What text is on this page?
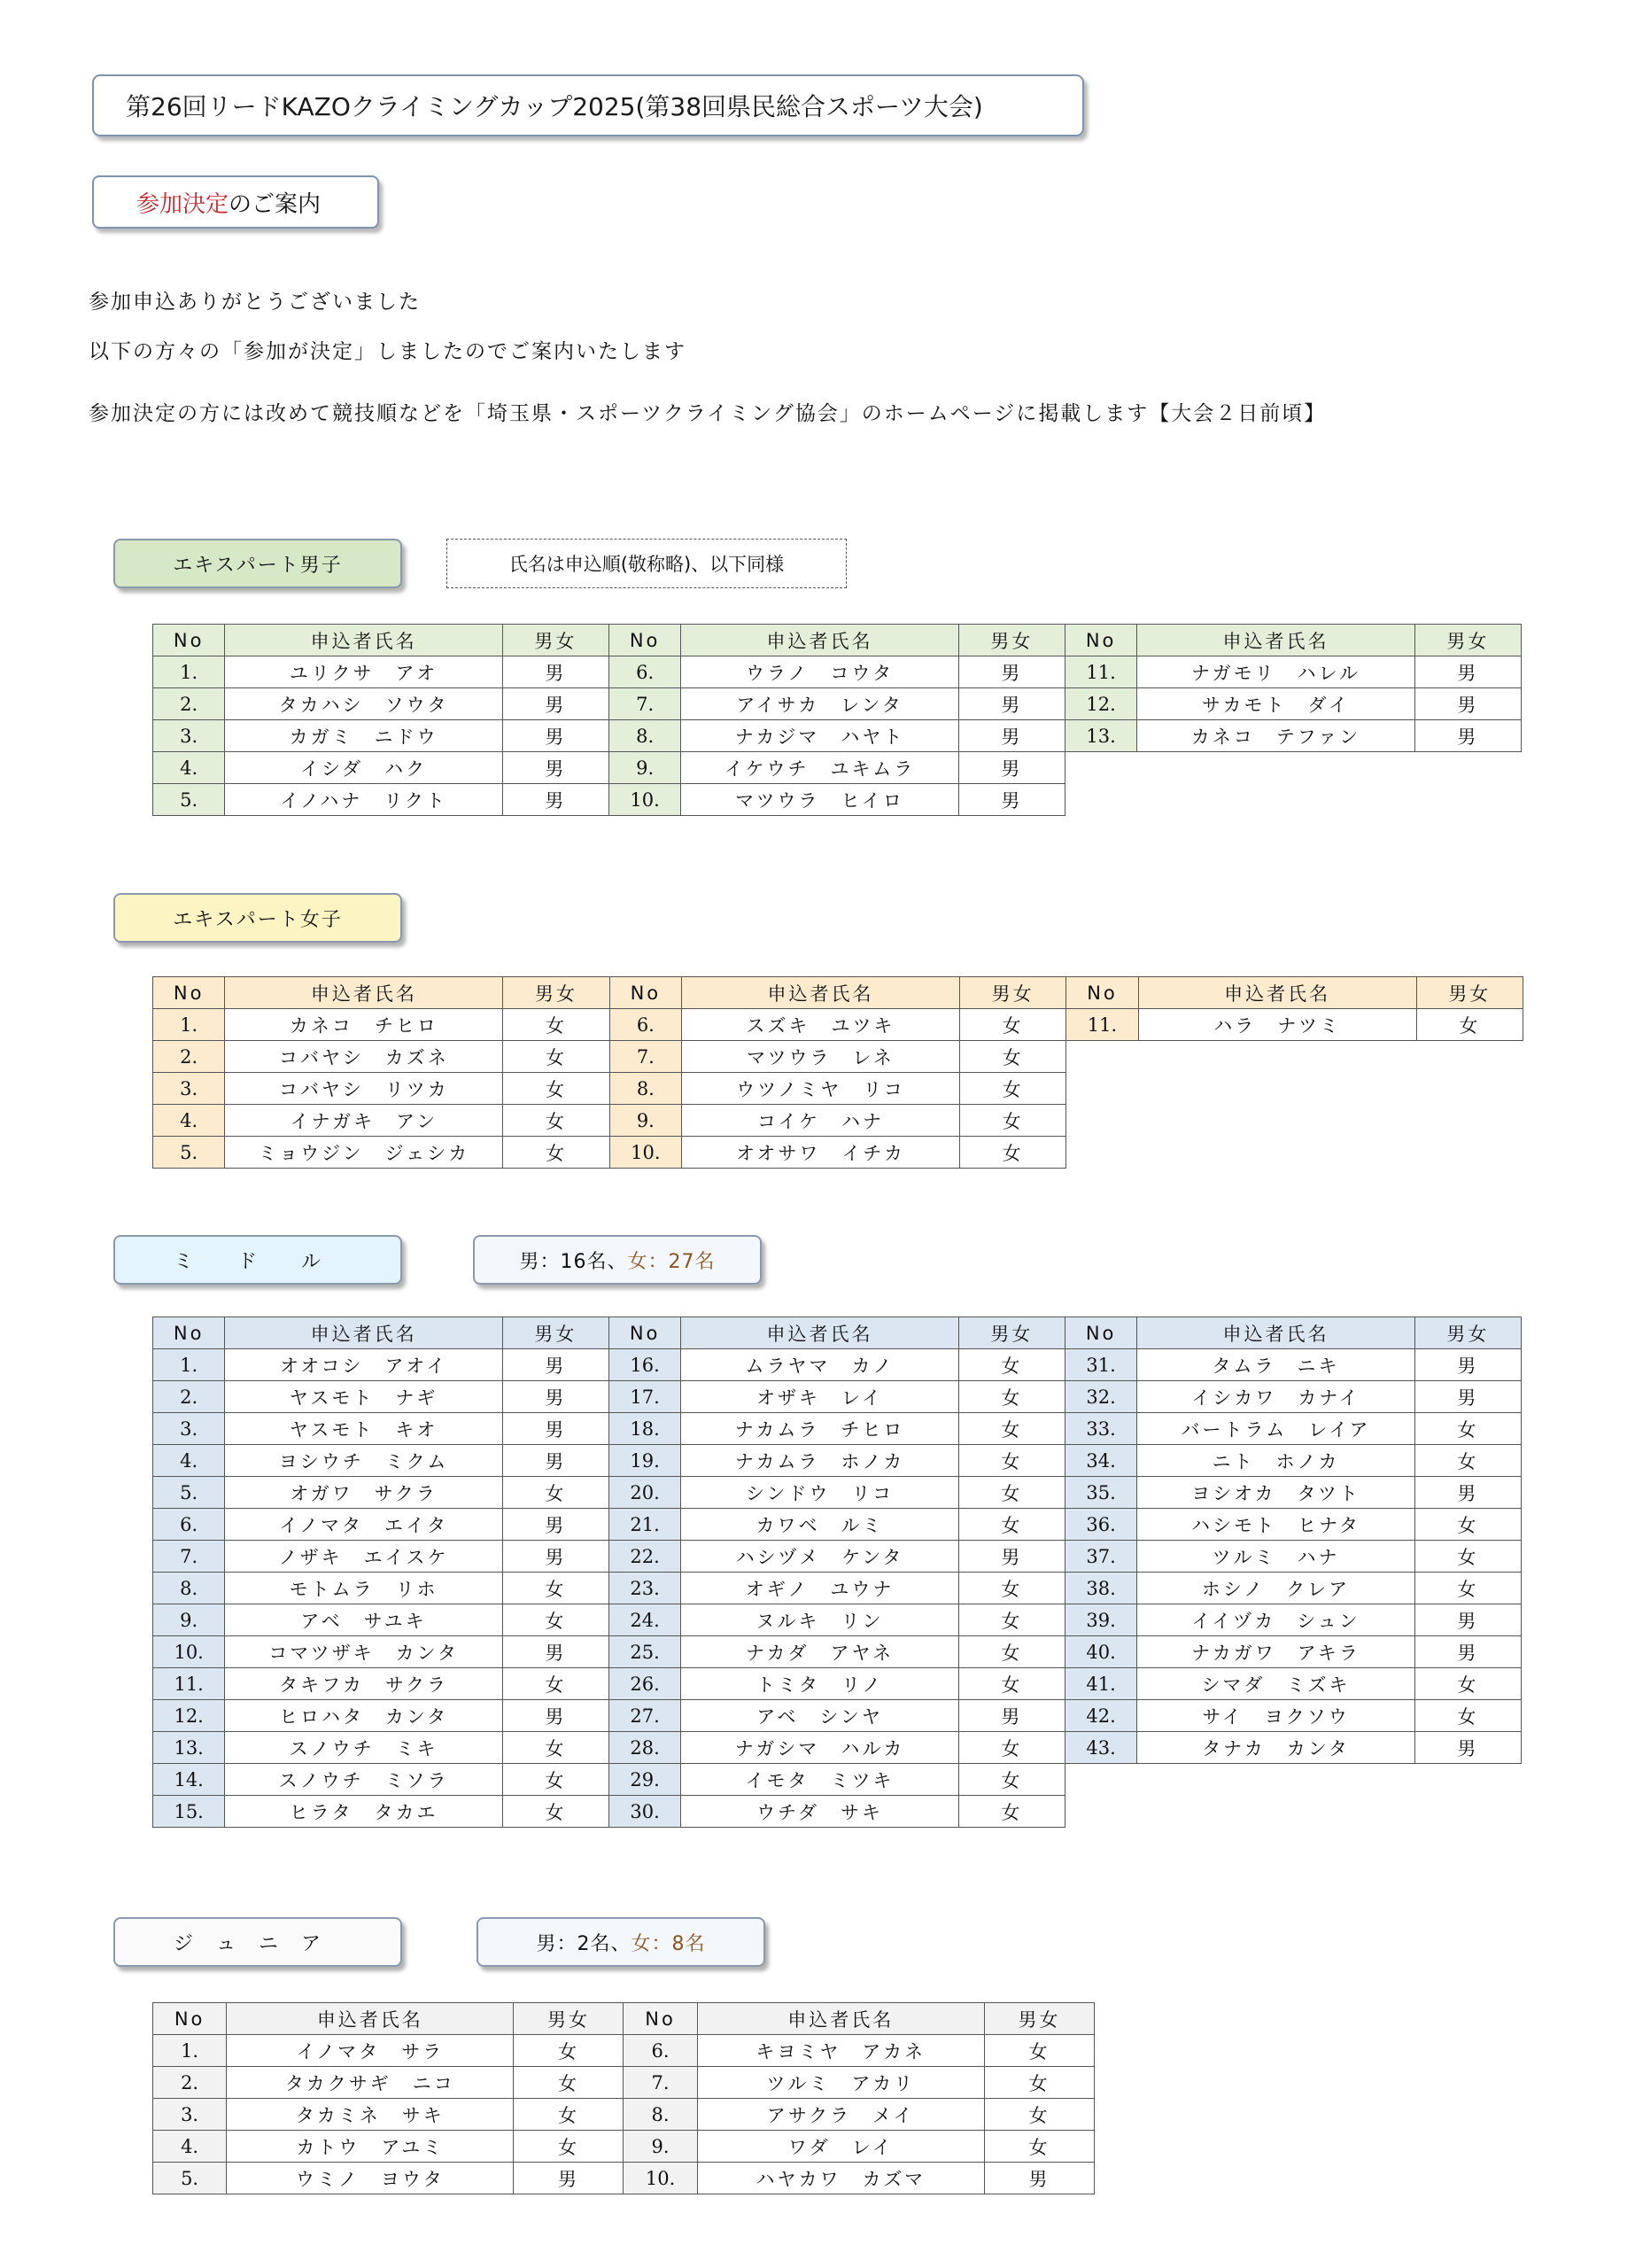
第26回リードKAZOクライミングカップ2025(第38回県民総合スポーツ大会)
参加決定 のご案内
参加申込ありがとうございました
以下の方々の「参加が決定」しましたのでご案内いたします
参加決定の方には改めて競技順などを「埼玉県・スポーツクライミング協会」のホームページに掲載します【大会２日前頃】
エキスパート男子	氏名は申込順(敬称略)、以下同様
No	申込者氏名	男女	No	申込者氏名	男女	No	申込者氏名	男女
1.	ユリクサ　アオ	男	6.	ウラノ　コウタ	男	11.	ナガモリ　ハレル	男
2.	タカハシ　ソウタ	男	7.	アイサカ　レンタ	男	12.	サカモト　ダイ	男
3.	カガミ　ニドウ	男	8.	ナカジマ　ハヤト	男	13.	カネコ　テファン	男
4.	イシダ　ハク	男	9.	イケウチ　ユキムラ	男			
5.	イノハナ　リクト	男	10.	マツウラ　ヒイロ	男			
エキスパート女子
No	申込者氏名	男女	No	申込者氏名	男女	No	申込者氏名	男女
1.	カネコ　チヒロ	女	6.	スズキ　ユツキ	女	11.	ハラ　ナツミ	女
2.	コバヤシ　カズネ	女	7.	マツウラ　レネ	女			
3.	コバヤシ　リツカ	女	8.	ウツノミヤ　リコ	女			
4.	イナガキ　アン	女	9.	コイケ　ハナ	女			
5.	ミョウジン　ジェシカ	女	10.	オオサワ　イチカ	女			
ミ　　ド　　ル	男：16名、 女：27名
No	申込者氏名	男女	No	申込者氏名	男女	No	申込者氏名	男女
1.	オオコシ　アオイ	男	16.	ムラヤマ　カノ	女	31.	タムラ　ニキ	男
2.	ヤスモト　ナギ	男	17.	オザキ　レイ	女	32.	イシカワ　カナイ	男
3.	ヤスモト　キオ	男	18.	ナカムラ　チヒロ	女	33.	バートラム　レイア	女
4.	ヨシウチ　ミクム	男	19.	ナカムラ　ホノカ	女	34.	ニト　ホノカ	女
5.	オガワ　サクラ	女	20.	シンドウ　リコ	女	35.	ヨシオカ　タツト	男
6.	イノマタ　エイタ	男	21.	カワベ　ルミ	女	36.	ハシモト　ヒナタ	女
7.	ノザキ　エイスケ	男	22.	ハシヅメ　ケンタ	男	37.	ツルミ　ハナ	女
8.	モトムラ　リホ	女	23.	オギノ　ユウナ	女	38.	ホシノ　クレア	女
9.	アベ　サユキ	女	24.	ヌルキ　リン	女	39.	イイヅカ　シュン	男
10.	コマツザキ　カンタ	男	25.	ナカダ　アヤネ	女	40.	ナカガワ　アキラ	男
11.	タキフカ　サクラ	女	26.	トミタ　リノ	女	41.	シマダ　ミズキ	女
12.	ヒロハタ　カンタ	男	27.	アベ　シンヤ	男	42.	サイ　ヨクソウ	女
13.	スノウチ　ミキ	女	28.	ナガシマ　ハルカ	女	43.	タナカ　カンタ	男
14.	スノウチ　ミソラ	女	29.	イモタ　ミツキ	女			
15.	ヒラタ　タカエ	女	30.	ウチダ　サキ	女			
ジ　ュ　ニ　ア	男：2名、 女：8名
No	申込者氏名	男女	No	申込者氏名	男女
1.	イノマタ　サラ	女	6.	キヨミヤ　アカネ	女
2.	タカクサギ　ニコ	女	7.	ツルミ　アカリ	女
3.	タカミネ　サキ	女	8.	アサクラ　メイ	女
4.	カトウ　アユミ	女	9.	ワダ　レイ	女
5.	ウミノ　ヨウタ	男	10.	ハヤカワ　カズマ	男
